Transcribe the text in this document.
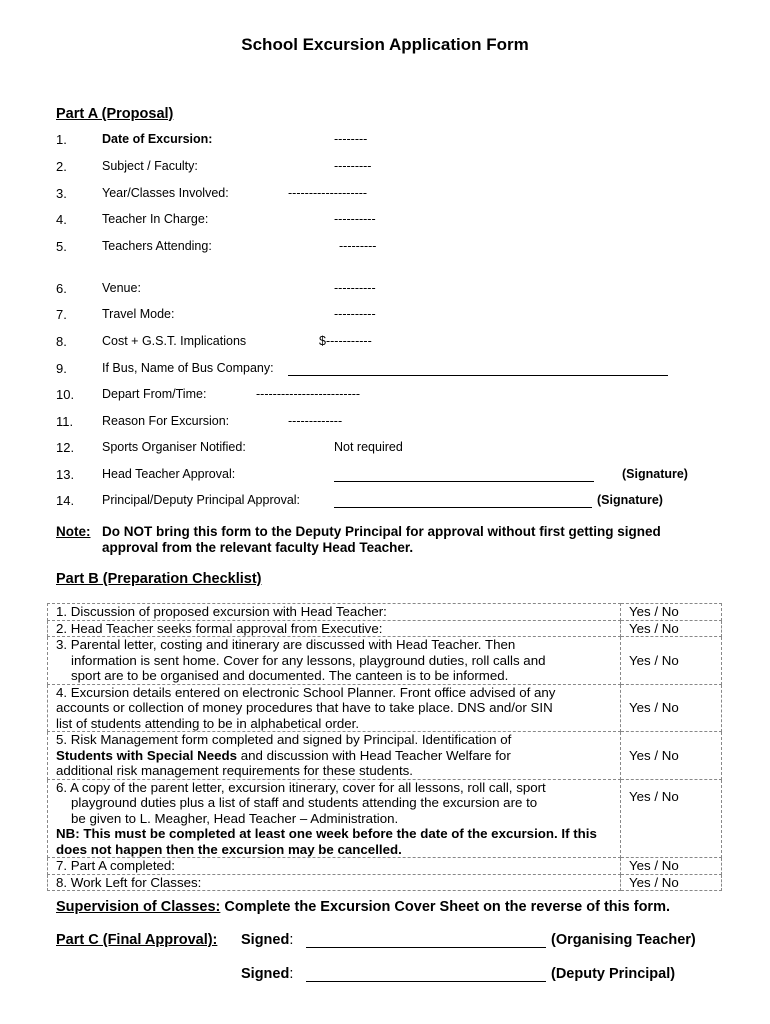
School Excursion Application Form
Part A (Proposal)
1.	Date of Excursion:	--------
2.	Subject / Faculty:	---------
3.	Year/Classes Involved:	-------------------
4.	Teacher In Charge:	----------
5.	Teachers Attending:	---------
6.	Venue:	----------
7.	Travel Mode:	----------
8.	Cost + G.S.T. Implications	$-----------
9.	If Bus, Name of Bus Company:
10. Depart From/Time:	-------------------------
11. Reason For Excursion:	-------------
12. Sports Organiser Notified:	Not required
13. Head Teacher Approval:	(Signature)
14. Principal/Deputy Principal Approval:	(Signature)
Note: Do NOT bring this form to the Deputy Principal for approval without first getting signed approval from the relevant faculty Head Teacher.
Part B (Preparation Checklist)
1. Discussion of proposed excursion with Head Teacher:	Yes / No
2. Head Teacher seeks formal approval from Executive:	Yes / No

3. Parental letter, costing and itinerary are discussed with Head Teacher. Then
information is sent home. Cover for any lessons, playground duties, roll calls and
sport are to be organised and documented. The canteen is to be informed.	Yes / No

4. Excursion details entered on electronic School Planner. Front office advised of any
accounts or collection of money procedures that have to take place. DNS and/or SIN
list of students attending to be in alphabetical order.	Yes / No

5. Risk Management form completed and signed by Principal. Identification of
Students with Special Needs and discussion with Head Teacher Welfare for
additional risk management requirements for these students.	Yes / No

6. A copy of the parent letter, excursion itinerary, cover for all lessons, roll call, sport
playground duties plus a list of staff and students attending the excursion are to
be given to L. Meagher, Head Teacher – Administration.
NB: This must be completed at least one week before the date of the excursion. If this does not happen then the excursion may be cancelled.	Yes / No
7. Part A completed:	Yes / No
8. Work Left for Classes:	Yes / No
Supervision of Classes: Complete the Excursion Cover Sheet on the reverse of this form.
Part C (Final Approval): Signed:	(Organising Teacher)
Signed:	(Deputy Principal)
